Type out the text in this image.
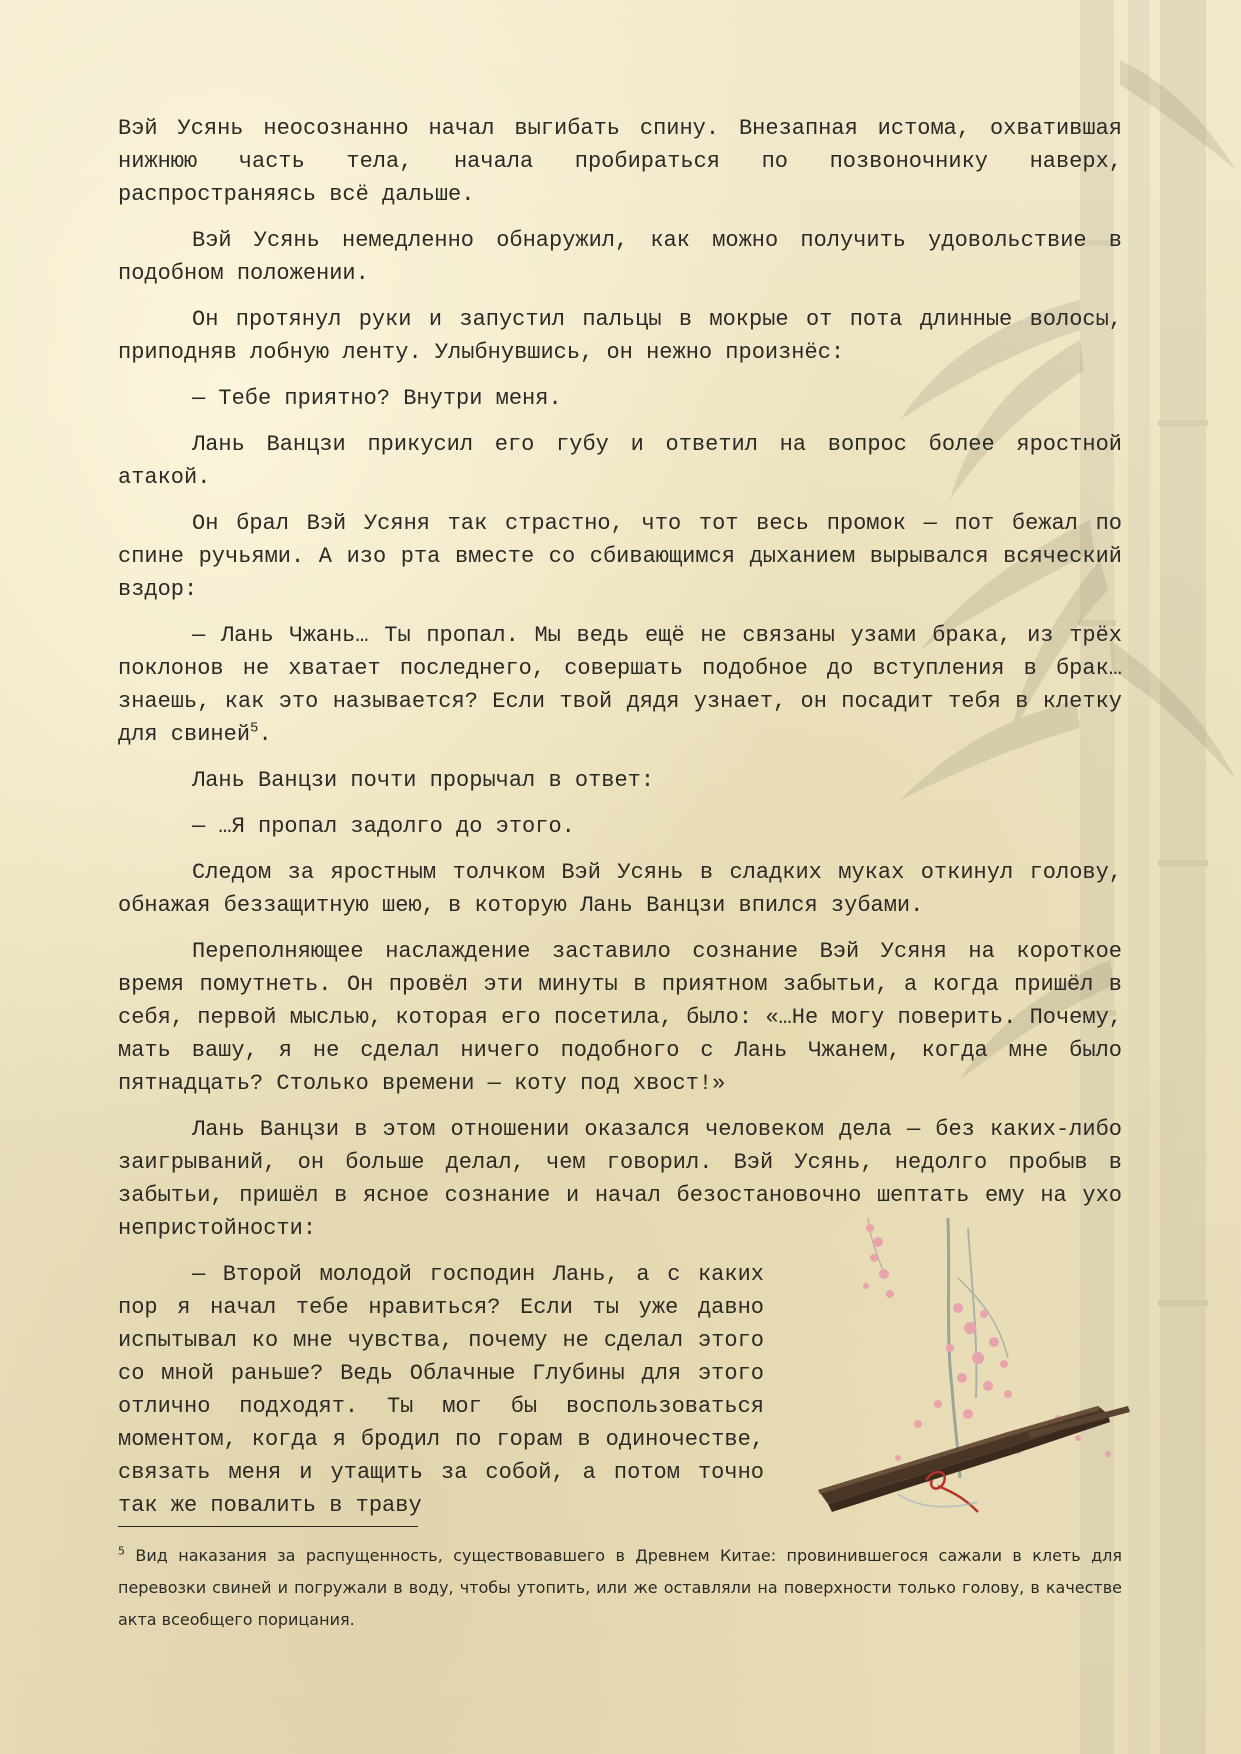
Вэй Усянь неосознанно начал выгибать спину. Внезапная истома, охватившая нижнюю часть тела, начала пробираться по позвоночнику наверх, распространяясь всё дальше.

Вэй Усянь немедленно обнаружил, как можно получить удовольствие в подобном положении.

Он протянул руки и запустил пальцы в мокрые от пота длинные волосы, приподняв лобную ленту. Улыбнувшись, он нежно произнёс:

— Тебе приятно? Внутри меня.

Лань Ванцзи прикусил его губу и ответил на вопрос более яростной атакой.

Он брал Вэй Усяня так страстно, что тот весь промок — пот бежал по спине ручьями. А изо рта вместе со сбивающимся дыханием вырывался всяческий вздор:

— Лань Чжань… Ты пропал. Мы ведь ещё не связаны узами брака, из трёх поклонов не хватает последнего, совершать подобное до вступления в брак… знаешь, как это называется? Если твой дядя узнает, он посадит тебя в клетку для свиней$^5$.

Лань Ванцзи почти прорычал в ответ:

— …Я пропал задолго до этого.

Следом за яростным толчком Вэй Усянь в сладких муках откинул голову, обнажая беззащитную шею, в которую Лань Ванцзи впился зубами.

Переполняющее наслаждение заставило сознание Вэй Усяня на короткое время помутнеть. Он провёл эти минуты в приятном забытьи, а когда пришёл в себя, первой мыслью, которая его посетила, было: «…Не могу поверить. Почему, мать вашу, я не сделал ничего подобного с Лань Чжанем, когда мне было пятнадцать? Столько времени — коту под хвост!»

Лань Ванцзи в этом отношении оказался человеком дела — без каких-либо заигрываний, он больше делал, чем говорил. Вэй Усянь, недолго пробыв в забытьи, пришёл в ясное сознание и начал безостановочно шептать ему на ухо непристойности:

— Второй молодой господин Лань, а с каких пор я начал тебе нравиться? Если ты уже давно испытывал ко мне чувства, почему не сделал этого со мной раньше? Ведь Облачные Глубины для этого отлично подходят. Ты мог бы воспользоваться моментом, когда я бродил по горам в одиночестве, связать меня и утащить за собой, а потом точно так же повалить в траву

$^5$ Вид наказания за распущенность, существовавшего в Древнем Китае: провинившегося сажали в клеть для перевозки свиней и погружали в воду, чтобы утопить, или же оставляли на поверхности только голову, в качестве акта всеобщего порицания.
